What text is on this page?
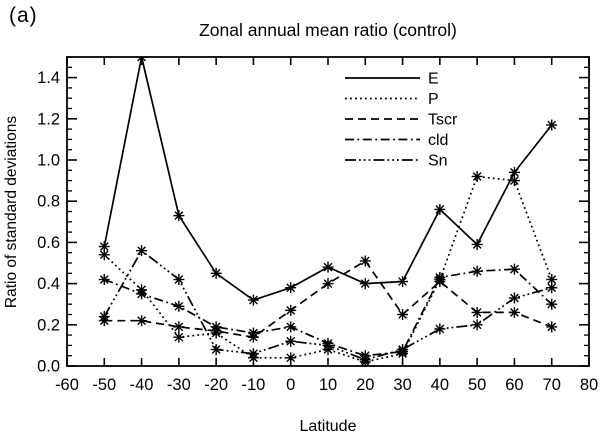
(a)
Zonal annual mean ratio (control)
Ratio of standard deviations
Latitude
-60 -50 -40 -30 -20 -10 0 10 20 30 40 50 60 70 80
0.0
0.2
0.4
0.6
0.8
1.0
1.2
1.4	E
P
Tscr
cld
Sn
